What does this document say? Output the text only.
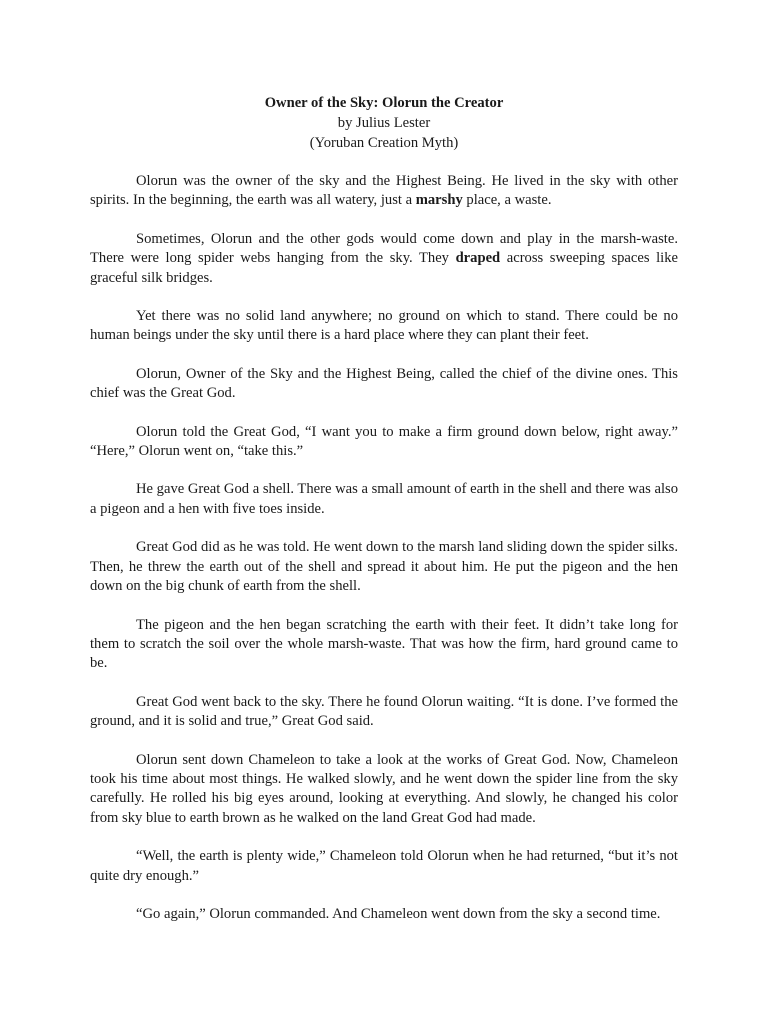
Owner of the Sky: Olorun the Creator
by Julius Lester
(Yoruban Creation Myth)

Olorun was the owner of the sky and the Highest Being. He lived in the sky with other spirits. In the beginning, the earth was all watery, just a marshy place, a waste.

Sometimes, Olorun and the other gods would come down and play in the marsh-waste. There were long spider webs hanging from the sky. They draped across sweeping spaces like graceful silk bridges.

Yet there was no solid land anywhere; no ground on which to stand. There could be no human beings under the sky until there is a hard place where they can plant their feet.

Olorun, Owner of the Sky and the Highest Being, called the chief of the divine ones. This chief was the Great God.

Olorun told the Great God, “I want you to make a firm ground down below, right away.” “Here,” Olorun went on, “take this.”

He gave Great God a shell. There was a small amount of earth in the shell and there was also a pigeon and a hen with five toes inside.

Great God did as he was told. He went down to the marsh land sliding down the spider silks. Then, he threw the earth out of the shell and spread it about him. He put the pigeon and the hen down on the big chunk of earth from the shell.

The pigeon and the hen began scratching the earth with their feet. It didn’t take long for them to scratch the soil over the whole marsh-waste. That was how the firm, hard ground came to be.

Great God went back to the sky. There he found Olorun waiting. “It is done. I’ve formed the ground, and it is solid and true,” Great God said.

Olorun sent down Chameleon to take a look at the works of Great God. Now, Chameleon took his time about most things. He walked slowly, and he went down the spider line from the sky carefully. He rolled his big eyes around, looking at everything. And slowly, he changed his color from sky blue to earth brown as he walked on the land Great God had made.

“Well, the earth is plenty wide,” Chameleon told Olorun when he had returned, “but it’s not quite dry enough.”

“Go again,” Olorun commanded. And Chameleon went down from the sky a second time.
